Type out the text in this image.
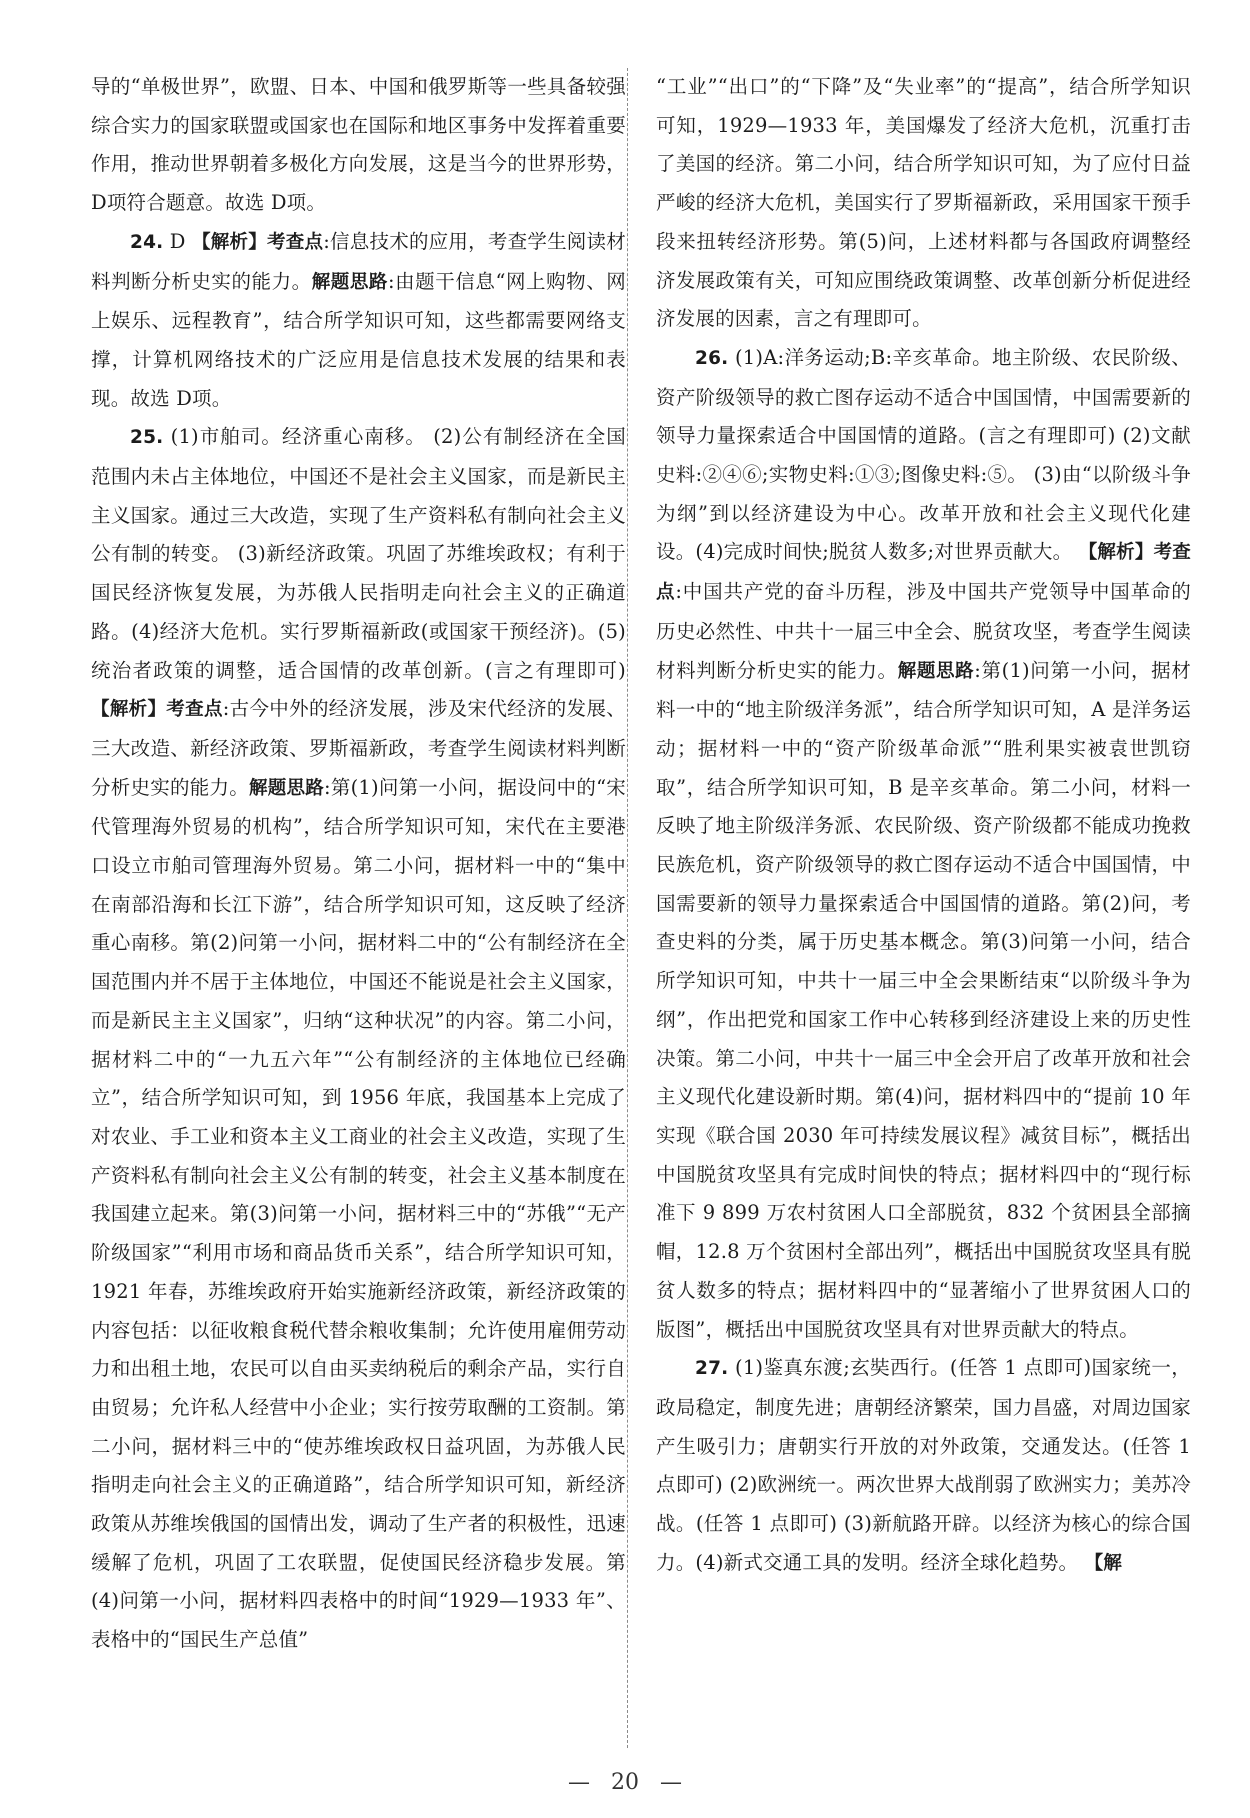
导的“单极世界”，欧盟、日本、中国和俄罗斯等一些具备较强综合实力的国家联盟或国家也在国际和地区事务中发挥着重要作用，推动世界朝着多极化方向发展，这是当今的世界形势，D项符合题意。故选 D项。

24. D 【解析】考查点:信息技术的应用，考查学生阅读材料判断分析史实的能力。解题思路:由题干信息“网上购物、网上娱乐、远程教育”，结合所学知识可知，这些都需要网络支撑，计算机网络技术的广泛应用是信息技术发展的结果和表现。故选 D项。

25. (1)市舶司。经济重心南移。 (2)公有制经济在全国范围内未占主体地位，中国还不是社会主义国家，而是新民主主义国家。通过三大改造，实现了生产资料私有制向社会主义公有制的转变。 (3)新经济政策。巩固了苏维埃政权；有利于国民经济恢复发展，为苏俄人民指明走向社会主义的正确道路。(4)经济大危机。实行罗斯福新政(或国家干预经济)。(5)统治者政策的调整，适合国情的改革创新。(言之有理即可) 【解析】考查点:古今中外的经济发展，涉及宋代经济的发展、三大改造、新经济政策、罗斯福新政，考查学生阅读材料判断分析史实的能力。解题思路:第(1)问第一小问，据设问中的“宋代管理海外贸易的机构”，结合所学知识可知，宋代在主要港口设立市舶司管理海外贸易。第二小问，据材料一中的“集中在南部沿海和长江下游”，结合所学知识可知，这反映了经济重心南移。第(2)问第一小问，据材料二中的“公有制经济在全国范围内并不居于主体地位，中国还不能说是社会主义国家，而是新民主主义国家”，归纳“这种状况”的内容。第二小问，据材料二中的“一九五六年”“公有制经济的主体地位已经确立”，结合所学知识可知，到 1956 年底，我国基本上完成了对农业、手工业和资本主义工商业的社会主义改造，实现了生产资料私有制向社会主义公有制的转变，社会主义基本制度在我国建立起来。第(3)问第一小问，据材料三中的“苏俄”“无产阶级国家”“利用市场和商品货币关系”，结合所学知识可知，1921 年春，苏维埃政府开始实施新经济政策，新经济政策的内容包括：以征收粮食税代替余粮收集制；允许使用雇佣劳动力和出租土地，农民可以自由买卖纳税后的剩余产品，实行自由贸易；允许私人经营中小企业；实行按劳取酬的工资制。第二小问，据材料三中的“使苏维埃政权日益巩固，为苏俄人民指明走向社会主义的正确道路”，结合所学知识可知，新经济政策从苏维埃俄国的国情出发，调动了生产者的积极性，迅速缓解了危机，巩固了工农联盟，促使国民经济稳步发展。第(4)问第一小问，据材料四表格中的时间“1929—1933 年”、表格中的“国民生产总值”

“工业”“出口”的“下降”及“失业率”的“提高”，结合所学知识可知，1929—1933 年，美国爆发了经济大危机，沉重打击了美国的经济。第二小问，结合所学知识可知，为了应付日益严峻的经济大危机，美国实行了罗斯福新政，采用国家干预手段来扭转经济形势。第(5)问，上述材料都与各国政府调整经济发展政策有关，可知应围绕政策调整、改革创新分析促进经济发展的因素，言之有理即可。

26. (1)A:洋务运动;B:辛亥革命。地主阶级、农民阶级、资产阶级领导的救亡图存运动不适合中国国情，中国需要新的领导力量探索适合中国国情的道路。(言之有理即可) (2)文献史料:②④⑥;实物史料:①③;图像史料:⑤。 (3)由“以阶级斗争为纲”到以经济建设为中心。改革开放和社会主义现代化建设。(4)完成时间快;脱贫人数多;对世界贡献大。 【解析】考查点:中国共产党的奋斗历程，涉及中国共产党领导中国革命的历史必然性、中共十一届三中全会、脱贫攻坚，考查学生阅读材料判断分析史实的能力。解题思路:第(1)问第一小问，据材料一中的“地主阶级洋务派”，结合所学知识可知，A 是洋务运动；据材料一中的“资产阶级革命派”“胜利果实被袁世凯窃取”，结合所学知识可知，B 是辛亥革命。第二小问，材料一反映了地主阶级洋务派、农民阶级、资产阶级都不能成功挽救民族危机，资产阶级领导的救亡图存运动不适合中国国情，中国需要新的领导力量探索适合中国国情的道路。第(2)问，考查史料的分类，属于历史基本概念。第(3)问第一小问，结合所学知识可知，中共十一届三中全会果断结束“以阶级斗争为纲”，作出把党和国家工作中心转移到经济建设上来的历史性决策。第二小问，中共十一届三中全会开启了改革开放和社会主义现代化建设新时期。第(4)问，据材料四中的“提前 10 年实现《联合国 2030 年可持续发展议程》减贫目标”，概括出中国脱贫攻坚具有完成时间快的特点；据材料四中的“现行标准下 9 899 万农村贫困人口全部脱贫，832 个贫困县全部摘帽，12.8 万个贫困村全部出列”，概括出中国脱贫攻坚具有脱贫人数多的特点；据材料四中的“显著缩小了世界贫困人口的版图”，概括出中国脱贫攻坚具有对世界贡献大的特点。

27. (1)鉴真东渡;玄奘西行。(任答 1 点即可)国家统一，政局稳定，制度先进；唐朝经济繁荣，国力昌盛，对周边国家产生吸引力；唐朝实行开放的对外政策，交通发达。(任答 1 点即可) (2)欧洲统一。两次世界大战削弱了欧洲实力；美苏冷战。(任答 1 点即可) (3)新航路开辟。以经济为核心的综合国力。(4)新式交通工具的发明。经济全球化趋势。 【解

— 20 —
